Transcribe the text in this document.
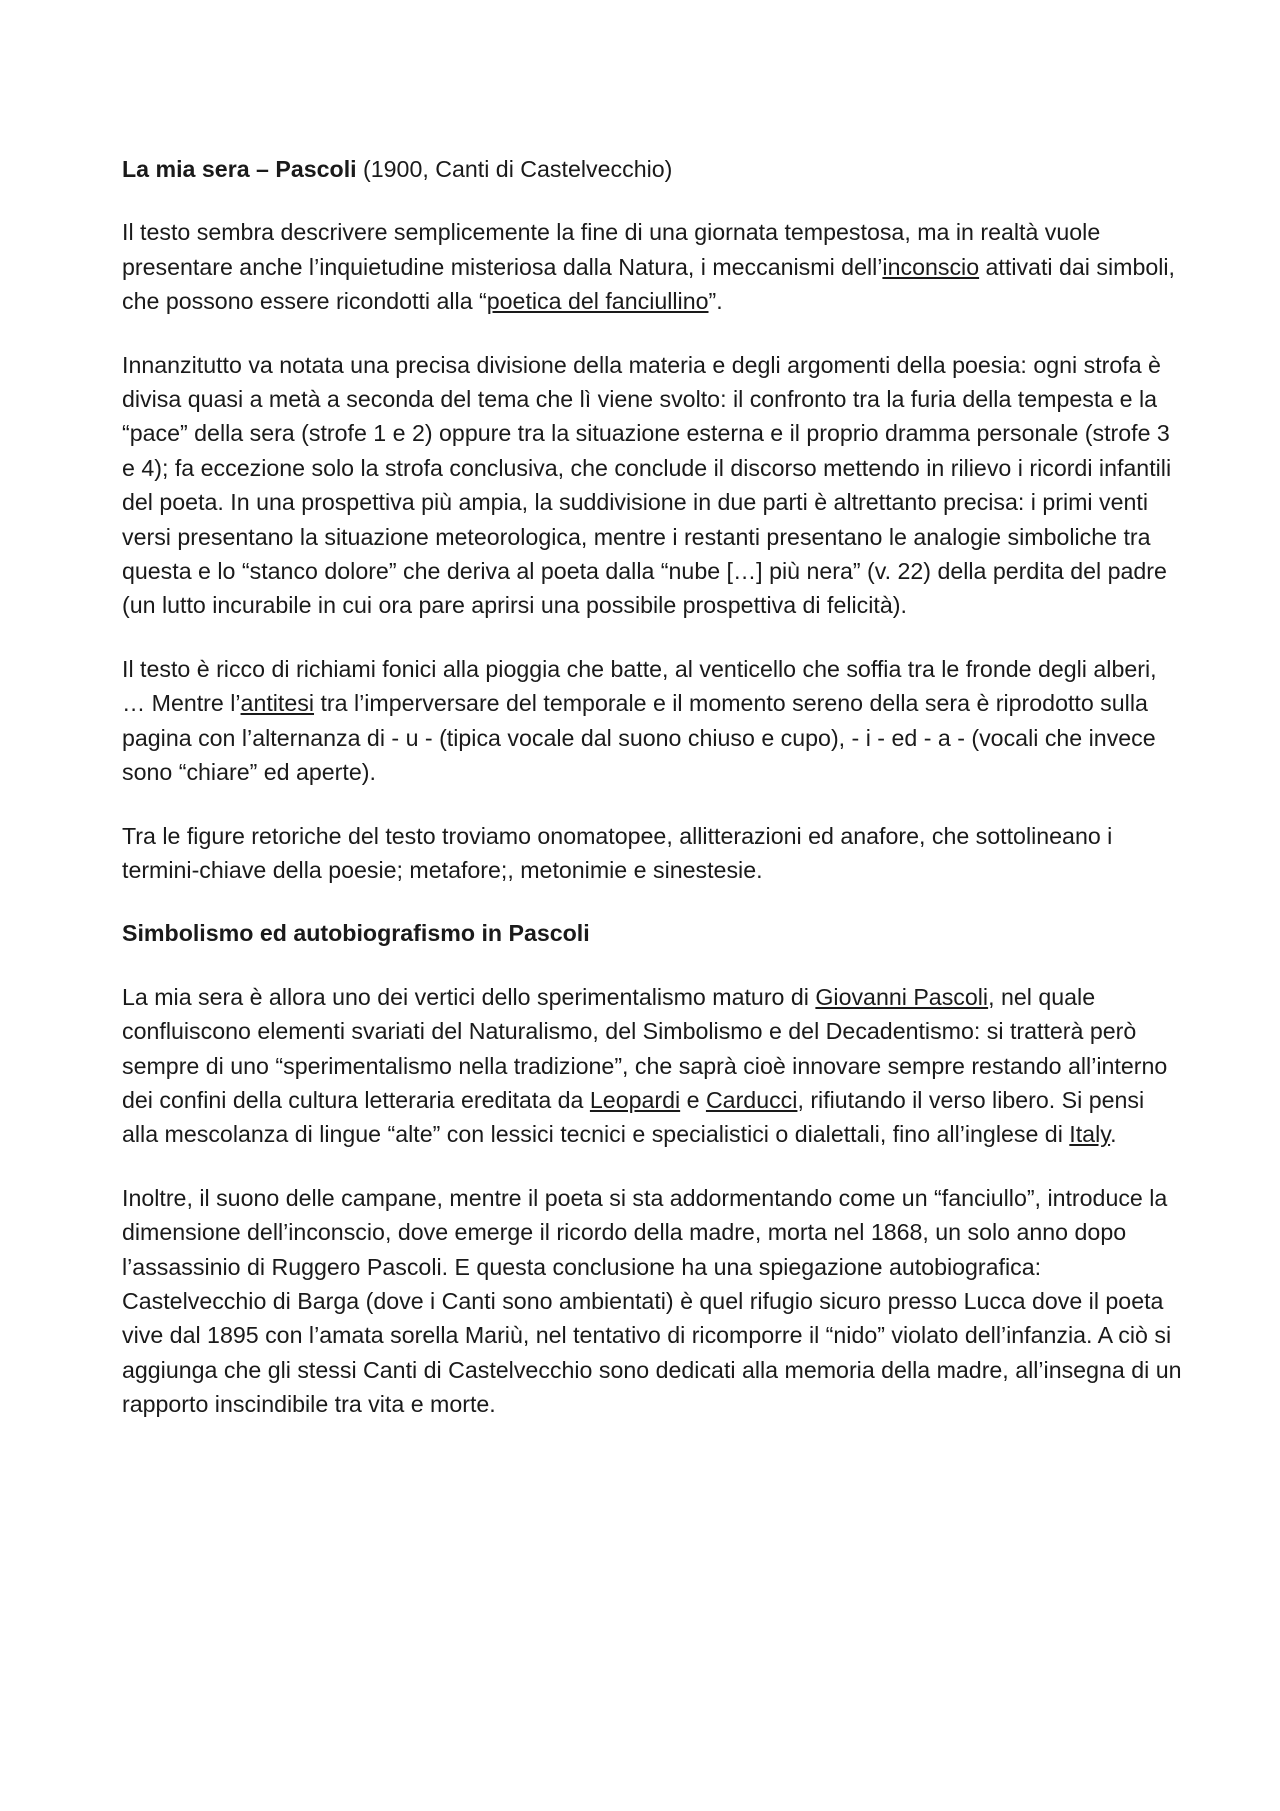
La mia sera – Pascoli (1900, Canti di Castelvecchio)

Il testo sembra descrivere semplicemente la fine di una giornata tempestosa, ma in realtà vuole presentare anche l’inquietudine misteriosa dalla Natura, i meccanismi dell’inconscio attivati dai simboli, che possono essere ricondotti alla “poetica del fanciullino”.

Innanzitutto va notata una precisa divisione della materia e degli argomenti della poesia: ogni strofa è divisa quasi a metà a seconda del tema che lì viene svolto: il confronto tra la furia della tempesta e la “pace” della sera (strofe 1 e 2) oppure tra la situazione esterna e il proprio dramma personale (strofe 3 e 4); fa eccezione solo la strofa conclusiva, che conclude il discorso mettendo in rilievo i ricordi infantili del poeta. In una prospettiva più ampia, la suddivisione in due parti è altrettanto precisa: i primi venti versi presentano la situazione meteorologica, mentre i restanti presentano le analogie simboliche tra questa e lo “stanco dolore” che deriva al poeta dalla “nube […] più nera” (v. 22) della perdita del padre (un lutto incurabile in cui ora pare aprirsi una possibile prospettiva di felicità).

Il testo è ricco di richiami fonici alla pioggia che batte, al venticello che soffia tra le fronde degli alberi, … Mentre l’antitesi tra l’imperversare del temporale e il momento sereno della sera è riprodotto sulla pagina con l’alternanza di - u - (tipica vocale dal suono chiuso e cupo), - i - ed - a - (vocali che invece sono “chiare” ed aperte).

Tra le figure retoriche del testo troviamo onomatopee, allitterazioni ed anafore, che sottolineano i termini-chiave della poesie; metafore;, metonimie e sinestesie.

Simbolismo ed autobiografismo in Pascoli

La mia sera è allora uno dei vertici dello sperimentalismo maturo di Giovanni Pascoli, nel quale confluiscono elementi svariati del Naturalismo, del Simbolismo e del Decadentismo: si tratterà però sempre di uno “sperimentalismo nella tradizione”, che saprà cioè innovare sempre restando all’interno dei confini della cultura letteraria ereditata da Leopardi e Carducci, rifiutando il verso libero. Si pensi alla mescolanza di lingue “alte” con lessici tecnici e specialistici o dialettali, fino all’inglese di Italy.

Inoltre, il suono delle campane, mentre il poeta si sta addormentando come un “fanciullo”, introduce la dimensione dell’inconscio, dove emerge il ricordo della madre, morta nel 1868, un solo anno dopo l’assassinio di Ruggero Pascoli. E questa conclusione ha una spiegazione autobiografica: Castelvecchio di Barga (dove i Canti sono ambientati) è quel rifugio sicuro presso Lucca dove il poeta vive dal 1895 con l’amata sorella Mariù, nel tentativo di ricomporre il “nido” violato dell’infanzia. A ciò si aggiunga che gli stessi Canti di Castelvecchio sono dedicati alla memoria della madre, all’insegna di un rapporto inscindibile tra vita e morte.
